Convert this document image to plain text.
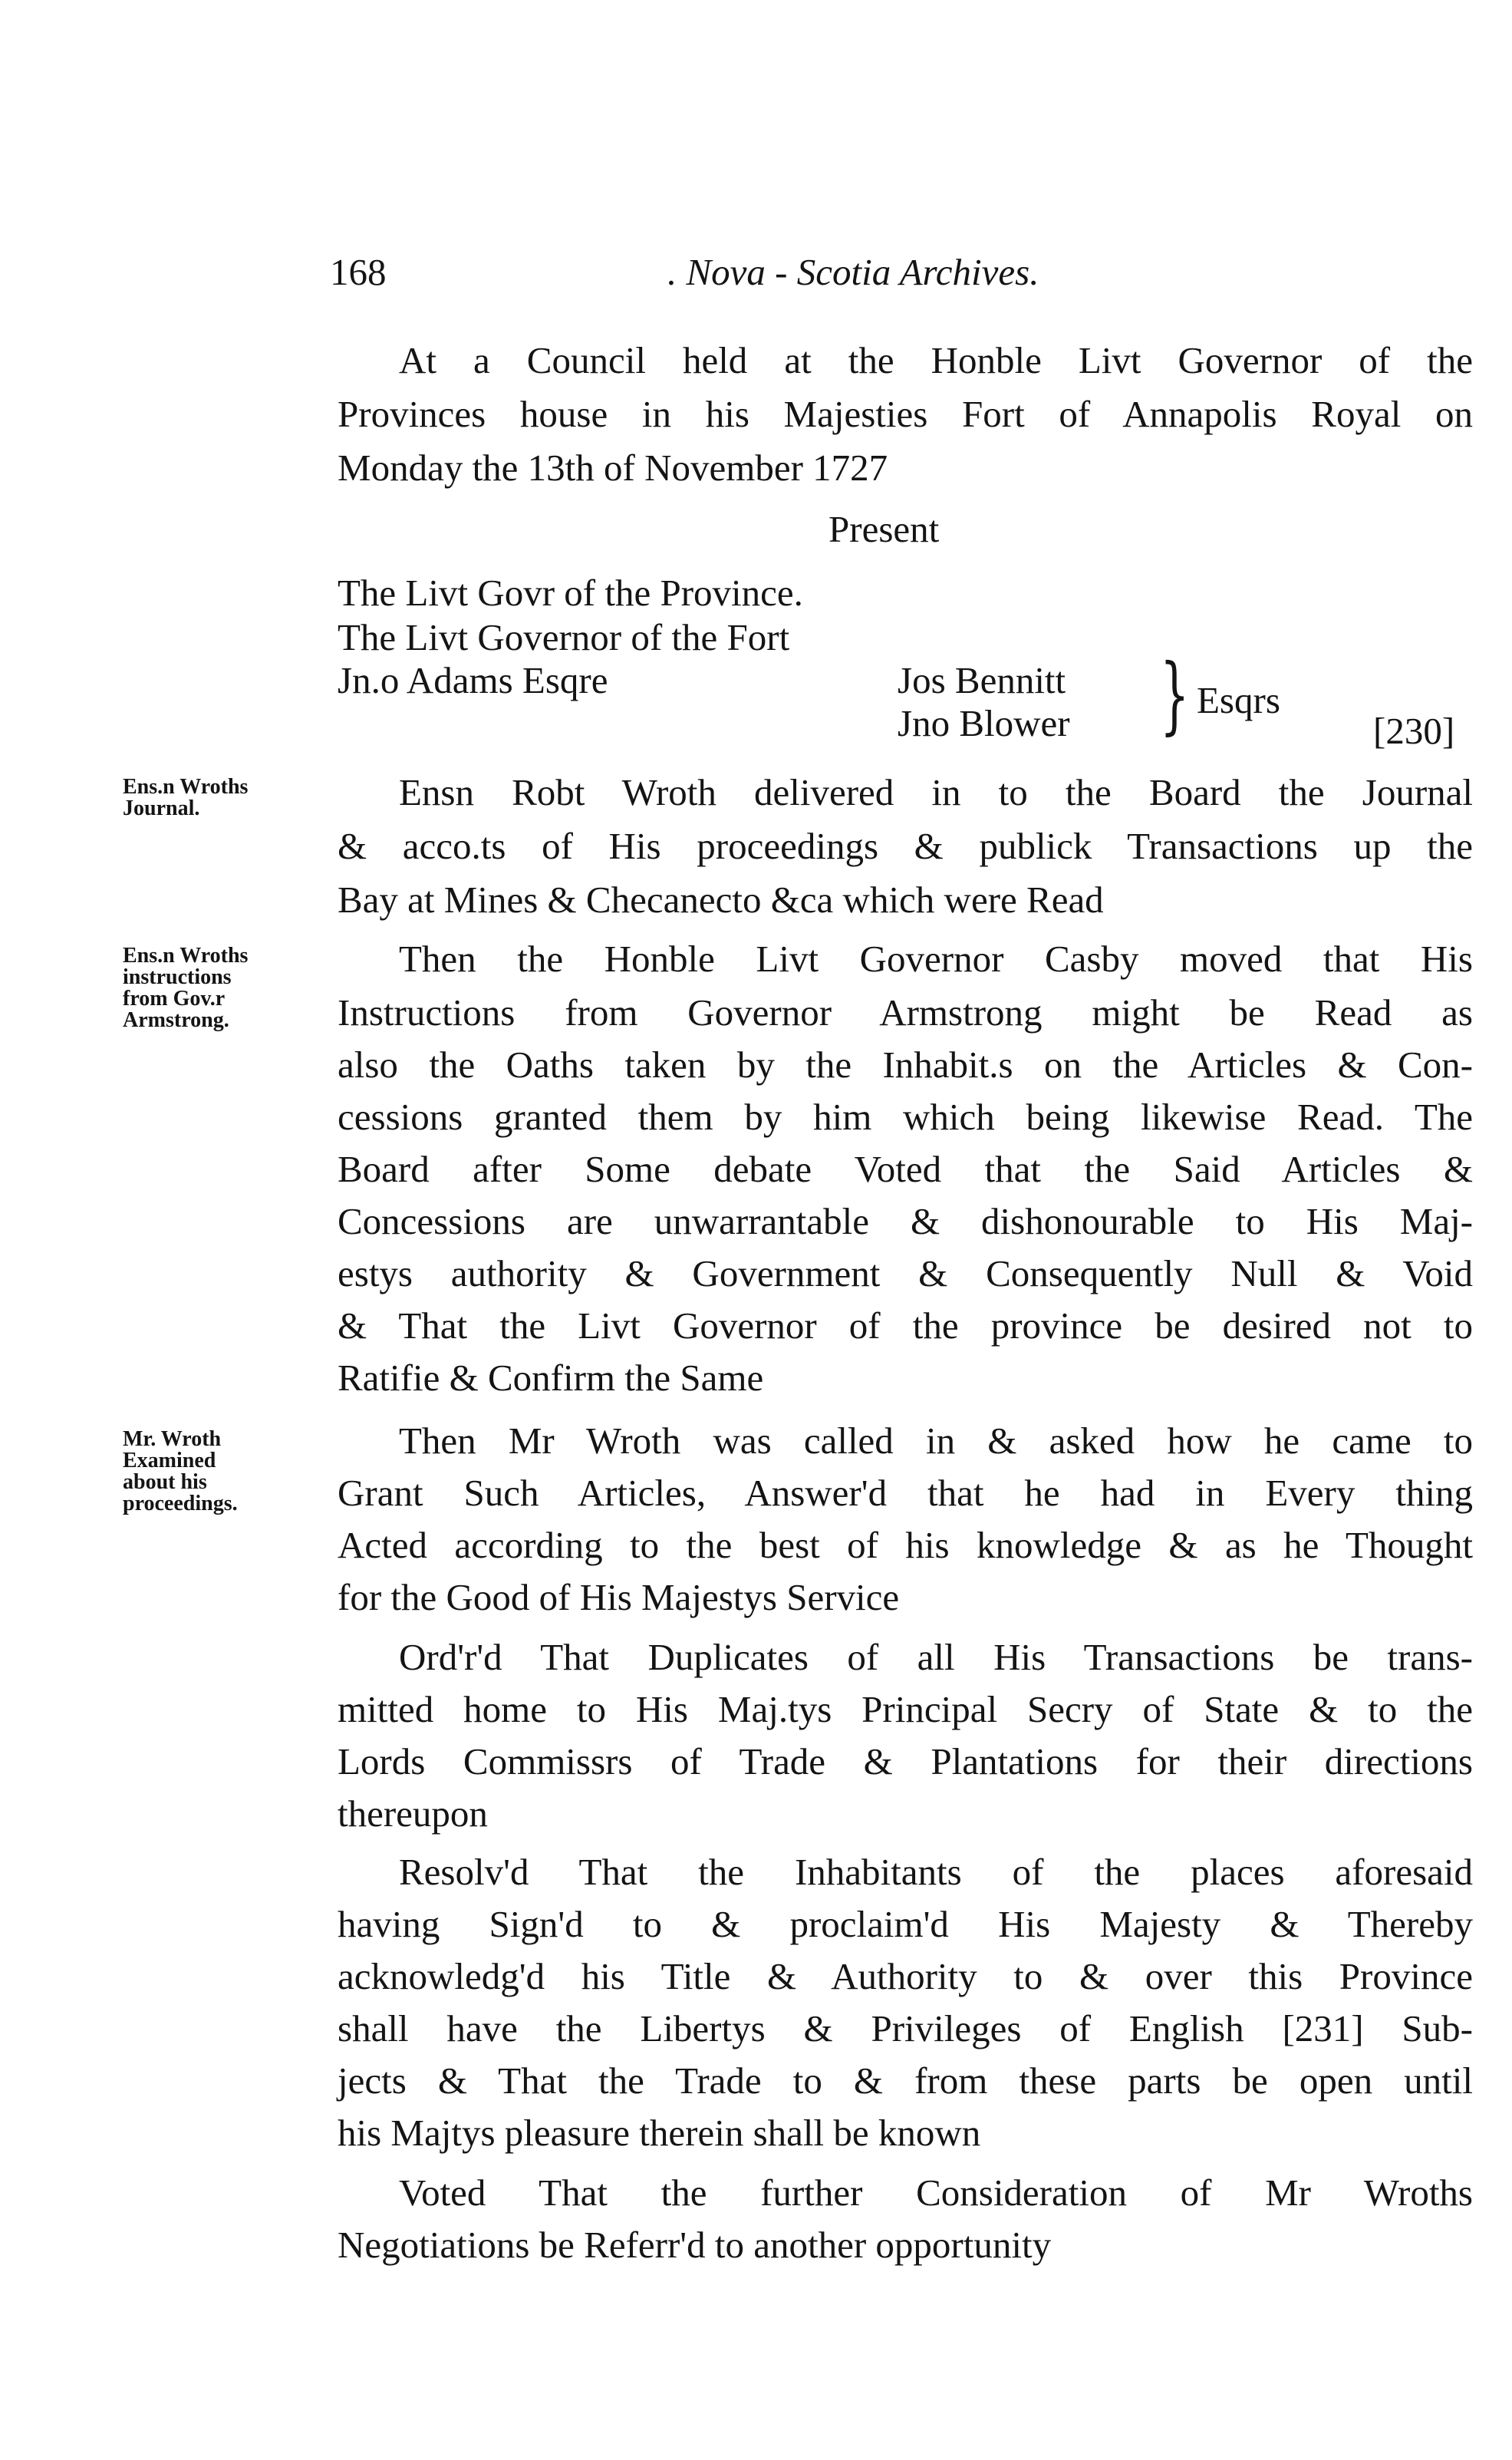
168	. Nova - Scotia Archives.
At a Council held at the Honble Livt Governor of the
Provinces house in his Majesties Fort of Annapolis Royal on
Monday the 13th of November 1727
Present
The Livt Govr of the Province.
The Livt Governor of the Fort
Jn.o Adams Esqre	Jos Bennitt
Jno Blower } Esqrs
[230]
Ens.n Wroths
Journal.
Ens.n Wroths
instructions
from Gov.r
Armstrong.
Mr. Wroth
Examined
about his
proceedings.
Ensn Robt Wroth delivered in to the Board the Journal
& acco.ts of His proceedings & publick Transactions up the
Bay at Mines & Checanecto &ca which were Read
Then the Honble Livt Governor Casby moved that His
Instructions from Governor Armstrong might be Read as
also the Oaths taken by the Inhabit.s on the Articles & Con-
cessions granted them by him which being likewise Read. The
Board after Some debate Voted that the Said Articles &
Concessions are unwarrantable & dishonourable to His Maj-
estys authority & Government & Consequently Null & Void
& That the Livt Governor of the province be desired not to
Ratifie & Confirm the Same
Then Mr Wroth was called in & asked how he came to
Grant Such Articles, Answer'd that he had in Every thing
Acted according to the best of his knowledge & as he Thought
for the Good of His Majestys Service
Ord'r'd That Duplicates of all His Transactions be trans-
mitted home to His Maj.tys Principal Secry of State & to the
Lords Commissrs of Trade & Plantations for their directions
thereupon
Resolv'd That the Inhabitants of the places aforesaid
having Sign'd to & proclaim'd His Majesty & Thereby
acknowledg'd his Title & Authority to & over this Province
shall have the Libertys & Privileges of English [231] Sub-
jects & That the Trade to & from these parts be open until
his Majtys pleasure therein shall be known
Voted That the further Consideration of Mr Wroths
Negotiations be Referr'd to another opportunity
